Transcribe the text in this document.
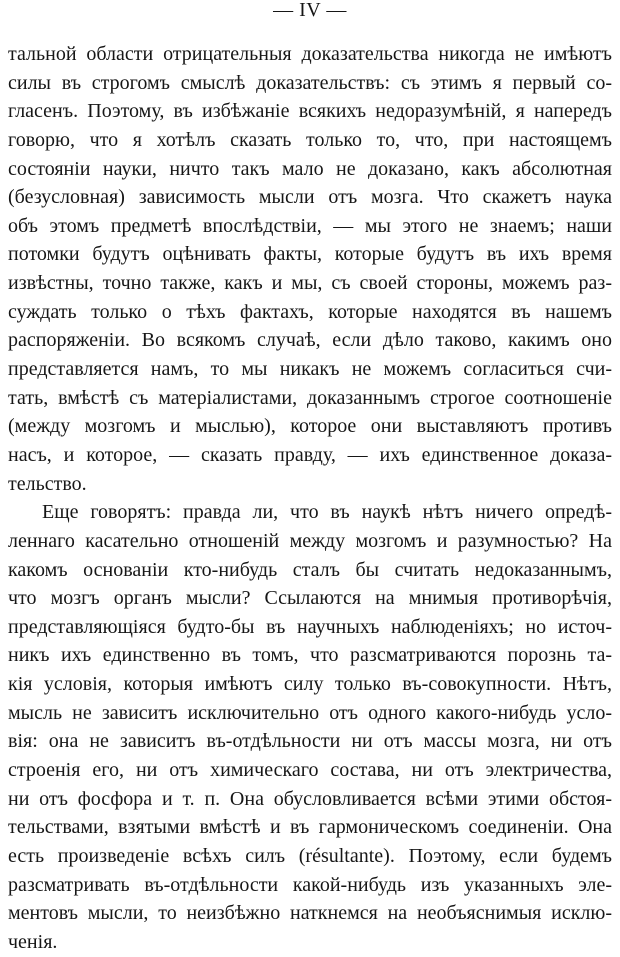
— IV —
тальной области отрицательныя доказательства никогда не имѣютъ
силы въ строгомъ смыслѣ доказательствъ: съ этимъ я первый со-
гласенъ. Поэтому, въ избѣжаніе всякихъ недоразумѣній, я напередъ
говорю, что я хотѣлъ сказать только то, что, при настоящемъ
состояніи науки, ничто такъ мало не доказано, какъ абсолютная
(безусловная) зависимость мысли отъ мозга. Что скажетъ наука
объ этомъ предметѣ впослѣдствіи, — мы этого не знаемъ; наши
потомки будутъ оцѣнивать факты, которые будутъ въ ихъ время
извѣстны, точно также, какъ и мы, съ своей стороны, можемъ раз-
суждать только о тѣхъ фактахъ, которые находятся въ нашемъ
распоряженіи. Во всякомъ случаѣ, если дѣло таково, какимъ оно
представляется намъ, то мы никакъ не можемъ согласиться счи-
тать, вмѣстѣ съ матеріалистами, доказаннымъ строгое соотношеніе
(между мозгомъ и мыслью), которое они выставляютъ противъ
насъ, и которое, — сказать правду, — ихъ единственное доказа-
тельство.
Еще говорятъ: правда ли, что въ наукѣ нѣтъ ничего опредѣ-
леннаго касательно отношеній между мозгомъ и разумностью? На
какомъ основаніи кто-нибудь сталъ бы считать недоказаннымъ,
что мозгъ органъ мысли? Ссылаются на мнимыя противорѣчія,
представляющіяся будто-бы въ научныхъ наблюденіяхъ; но источ-
никъ ихъ единственно въ томъ, что разсматриваются порознь та-
кія условія, которыя имѣютъ силу только въ-совокупности. Нѣтъ,
мысль не зависитъ исключительно отъ одного какого-нибудь усло-
вія: она не зависитъ въ-отдѣльности ни отъ массы мозга, ни отъ
строенія его, ни отъ химическаго состава, ни отъ электричества,
ни отъ фосфора и т. п. Она обусловливается всѣми этими обстоя-
тельствами, взятыми вмѣстѣ и въ гармоническомъ соединеніи. Она
есть произведеніе всѣхъ силъ (résultante). Поэтому, если будемъ
разсматривать въ-отдѣльности какой-нибудь изъ указанныхъ эле-
ментовъ мысли, то неизбѣжно наткнемся на необъяснимыя исклю-
ченія.
